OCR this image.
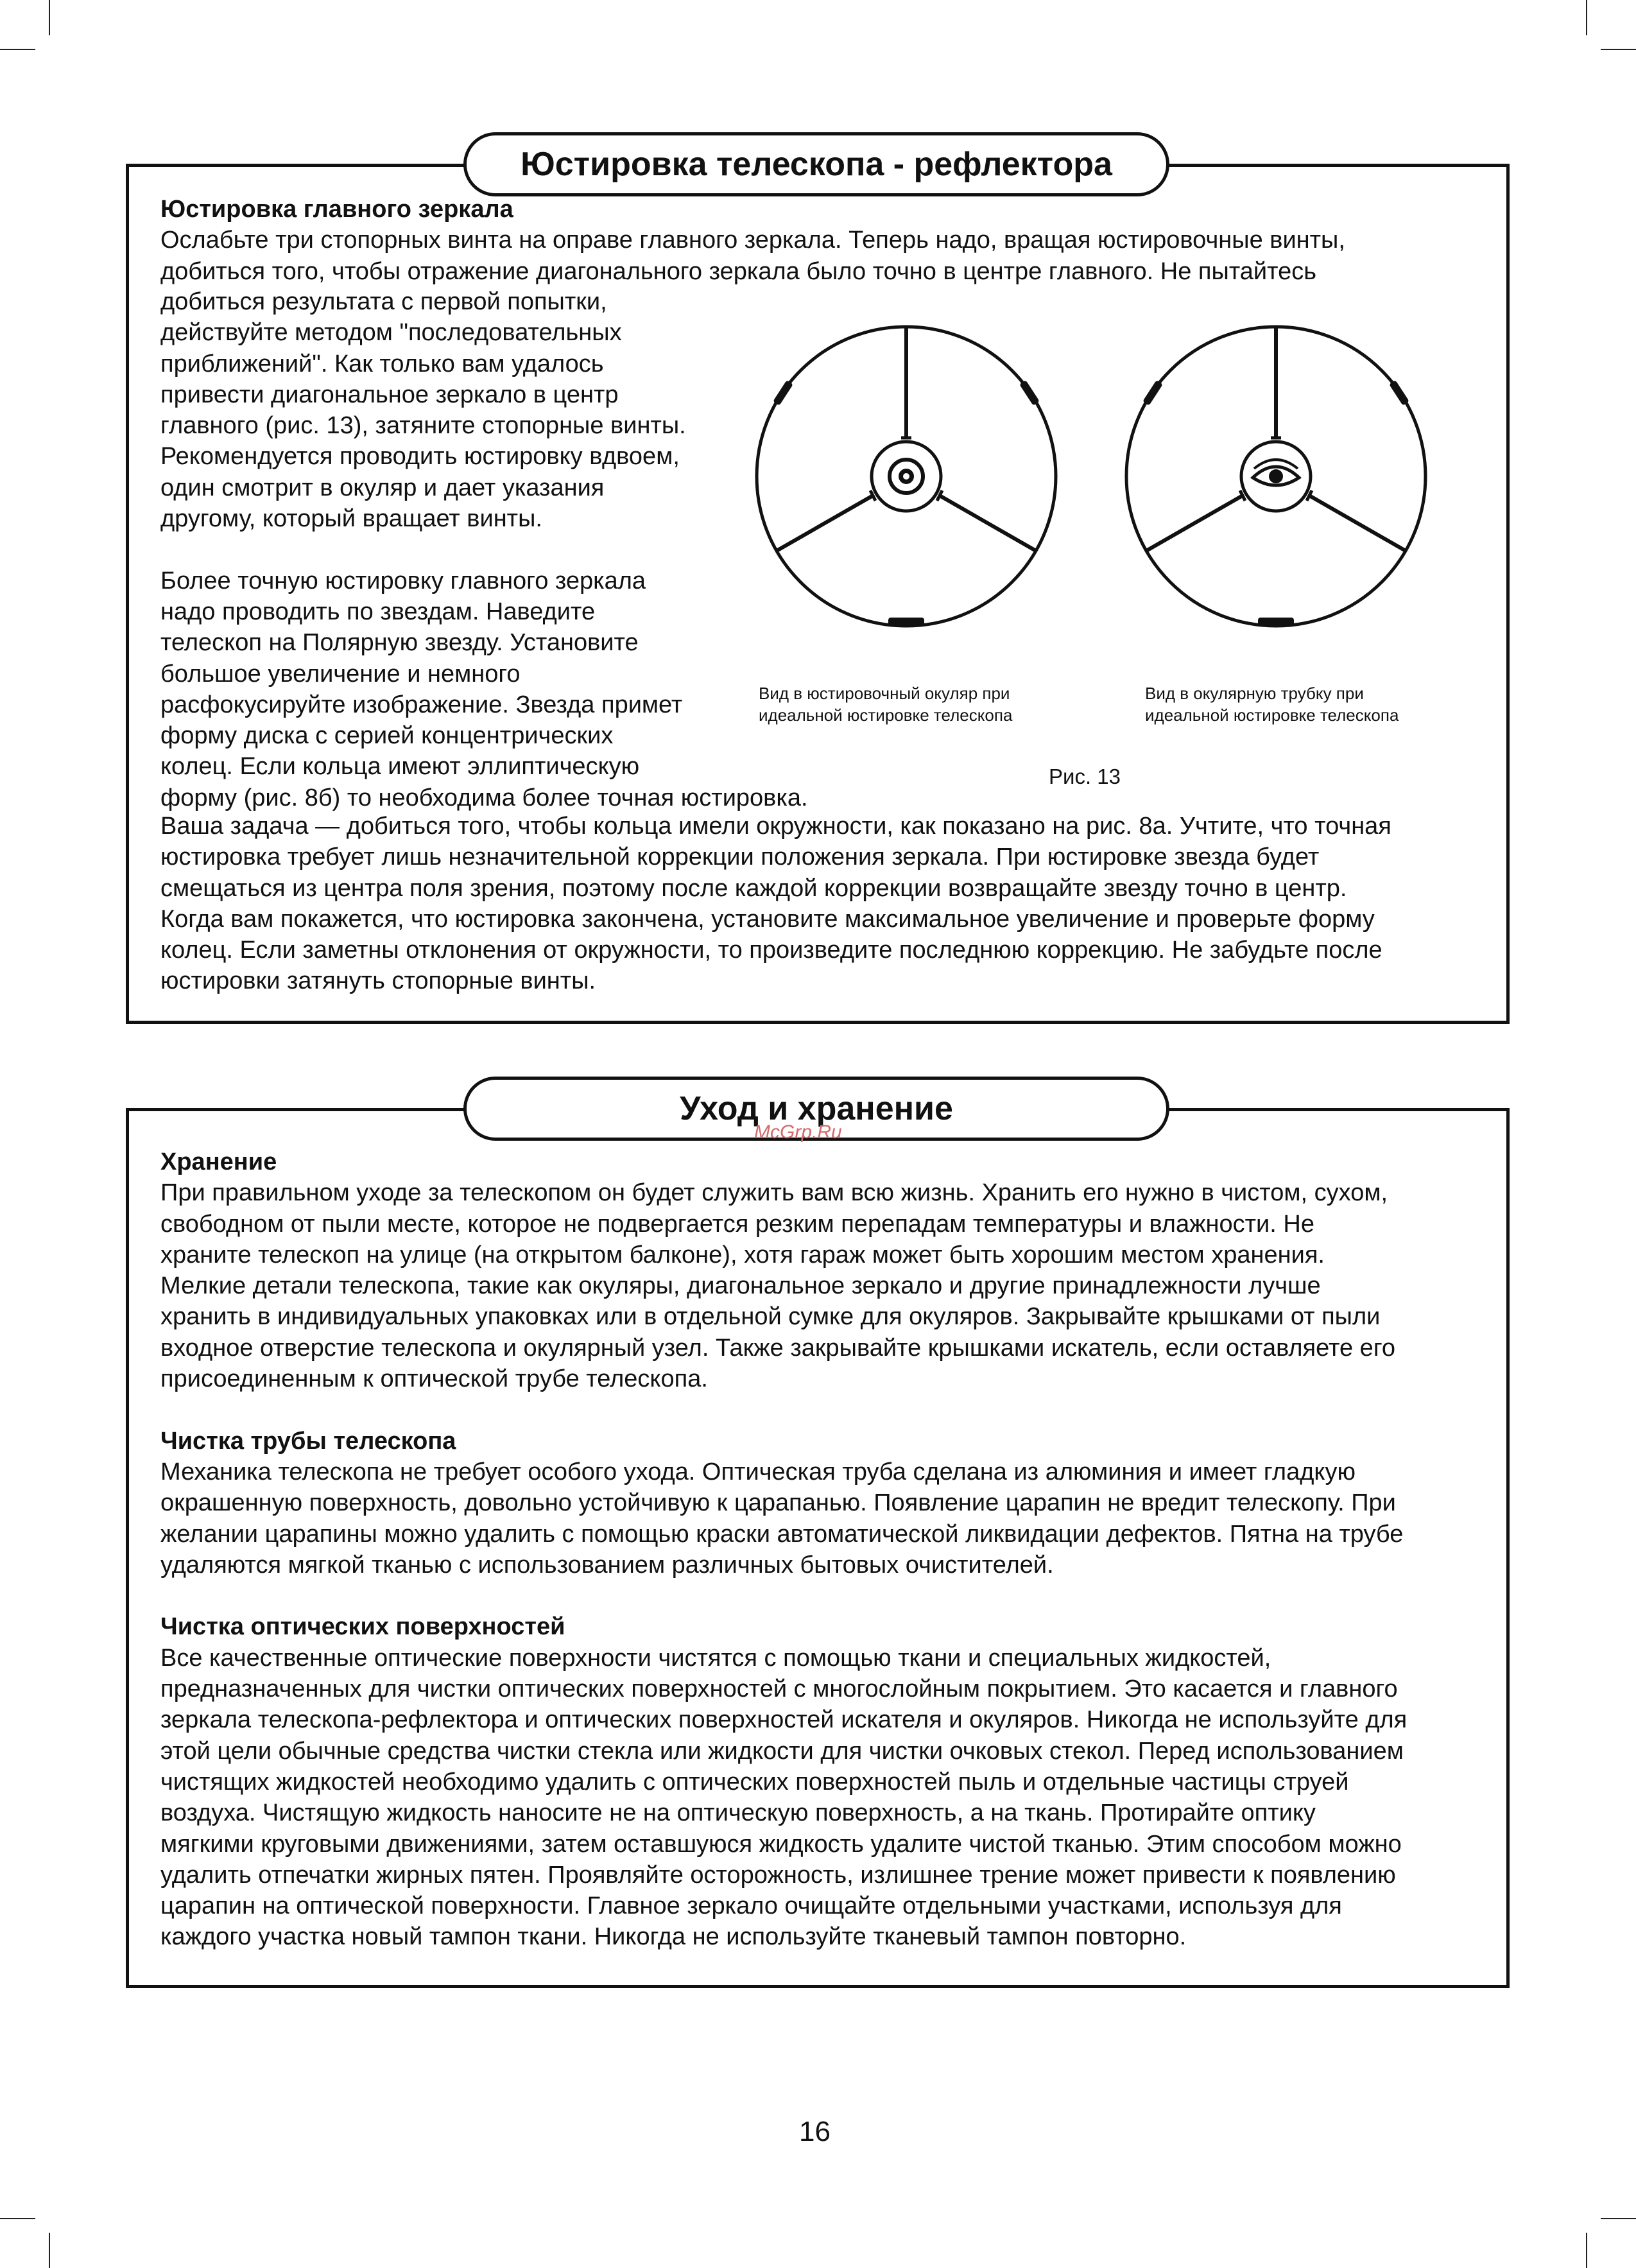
Юстировка телескопа - рефлектора

Юстировка главного зеркала

Ослабьте три стопорных винта на оправе главного зеркала. Теперь надо, вращая юстировочные винты,

добиться того, чтобы отражение диагонального зеркала было точно в центре главного. Не пытайтесь

добиться результата с первой попытки,

действуйте методом "последовательных

приближений". Как только вам удалось

привести диагональное зеркало в центр

главного (рис. 13), затяните стопорные винты.

Рекомендуется проводить юстировку вдвоем,

один смотрит в окуляр и дает указания

другому, который вращает винты.

Более точную юстировку главного зеркала

надо проводить по звездам. Наведите

телескоп на Полярную звезду. Установите

большое увеличение и немного

расфокусируйте изображение. Звезда примет

форму диска с серией концентрических

колец. Если кольца имеют эллиптическую

форму (рис. 8б) то необходима более точная юстировка.

Ваша задача — добиться того, чтобы кольца имели окружности, как показано на рис. 8а. Учтите, что точная

юстировка требует лишь незначительной коррекции положения зеркала. При юстировке звезда будет

смещаться из центра поля зрения, поэтому после каждой коррекции возвращайте звезду точно в центр.

Когда вам покажется, что юстировка закончена, установите максимальное увеличение и проверьте форму

колец. Если заметны отклонения от окружности, то произведите последнюю коррекцию. Не забудьте после

юстировки затянуть стопорные винты.

Вид в юстировочный окуляр при
идеальной юстировке телескопа
Вид в окулярную трубку при
идеальной юстировке телескопа
Рис. 13
Уход и хранение
McGrp.Ru

Хранение

При правильном уходе за телескопом он будет служить вам всю жизнь. Хранить его нужно в чистом, сухом,

свободном от пыли месте, которое не подвергается резким перепадам температуры и влажности. Не

храните телескоп на улице (на открытом балконе), хотя гараж может быть хорошим местом хранения.

Мелкие детали телескопа, такие как окуляры, диагональное зеркало и другие принадлежности лучше

хранить в индивидуальных упаковках или в отдельной сумке для окуляров. Закрывайте крышками от пыли

входное отверстие телескопа и окулярный узел. Также закрывайте крышками искатель, если оставляете его

присоединенным к оптической трубе телескопа.

Чистка трубы телескопа

Механика телескопа не требует особого ухода. Оптическая труба сделана из алюминия и имеет гладкую

окрашенную поверхность, довольно устойчивую к царапанью. Появление царапин не вредит телескопу. При

желании царапины можно удалить с помощью краски автоматической ликвидации дефектов. Пятна на трубе

удаляются мягкой тканью с использованием различных бытовых очистителей.

Чистка оптических поверхностей

Все качественные оптические поверхности чистятся с помощью ткани и специальных жидкостей,

предназначенных для чистки оптических поверхностей с многослойным покрытием. Это касается и главного

зеркала телескопа-рефлектора и оптических поверхностей искателя и окуляров. Никогда не используйте для

этой цели обычные средства чистки стекла или жидкости для чистки очковых стекол. Перед использованием

чистящих жидкостей необходимо удалить с оптических поверхностей пыль и отдельные частицы струей

воздуха. Чистящую жидкость наносите не на оптическую поверхность, а на ткань. Протирайте оптику

мягкими круговыми движениями, затем оставшуюся жидкость удалите чистой тканью. Этим способом можно

удалить отпечатки жирных пятен. Проявляйте осторожность, излишнее трение может привести к появлению

царапин на оптической поверхности. Главное зеркало очищайте отдельными участками, используя для

каждого участка новый тампон ткани. Никогда не используйте тканевый тампон повторно.

16
